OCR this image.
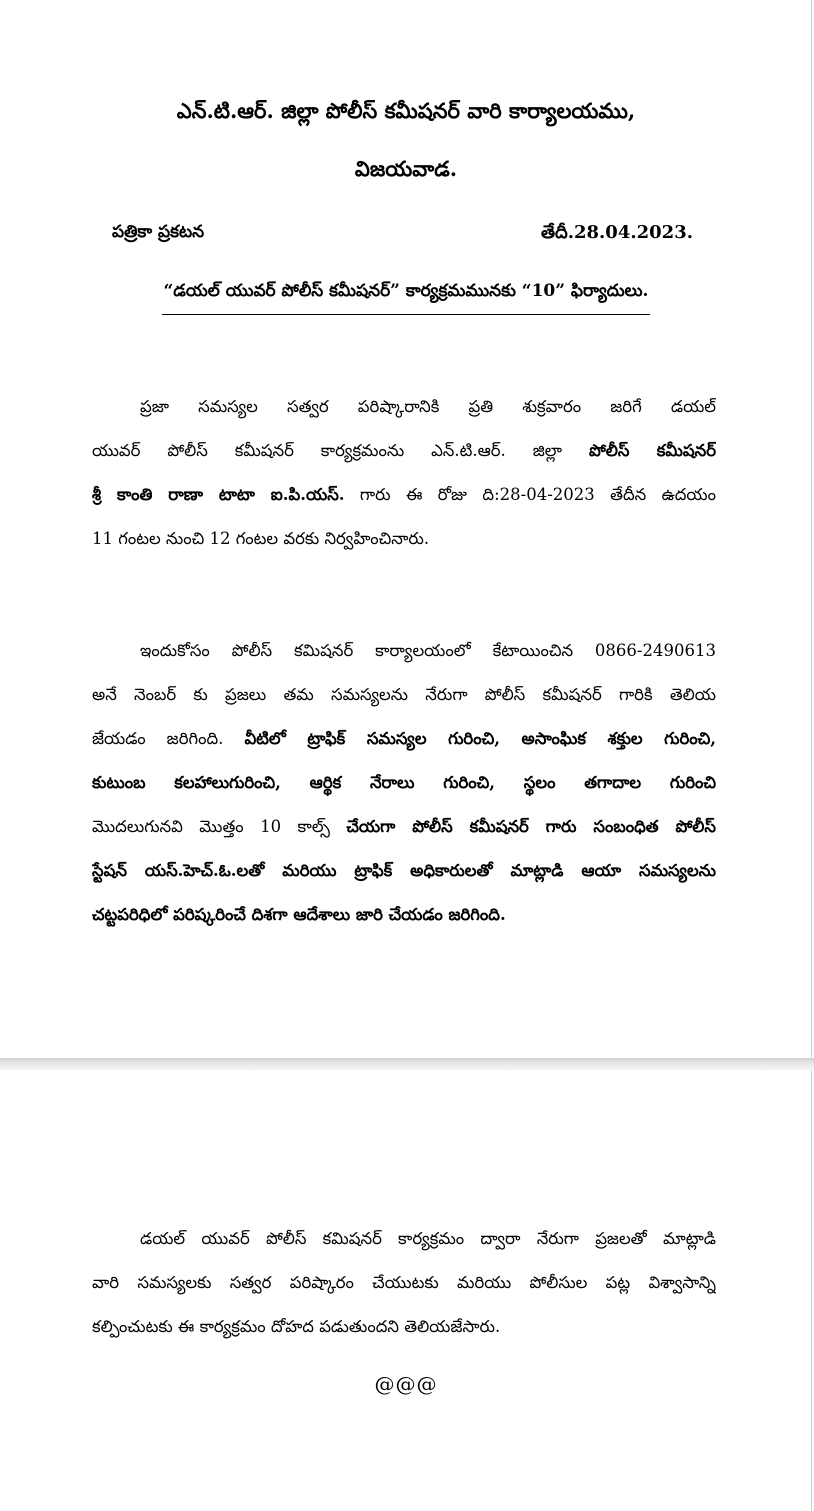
ఎన్.టి.ఆర్. జిల్లా పోలీస్ కమీషనర్ వారి కార్యాలయము,
విజయవాడ.
పత్రికా ప్రకటన	తేదీ.28.04.2023.
“డయల్ యువర్ పోలీస్ కమీషనర్” కార్యక్రమమునకు “10” ఫిర్యాదులు.
ప్రజా సమస్యల సత్వర పరిష్కారానికి ప్రతి శుక్రవారం జరిగే డయల్
యువర్ పోలీస్ కమీషనర్ కార్యక్రమంను ఎన్.టి.ఆర్. జిల్లా పోలీస్ కమీషనర్
శ్రీ కాంతి రాణా టాటా ఐ.పి.యస్. గారు ఈ రోజు ది:28-04-2023 తేదీన ఉదయం
11 గంటల నుంచి 12 గంటల వరకు నిర్వహించినారు.
ఇందుకోసం పోలీస్ కమిషనర్ కార్యాలయంలో కేటాయించిన 0866-2490613
అనే నెంబర్ కు ప్రజలు తమ సమస్యలను నేరుగా పోలీస్ కమీషనర్ గారికి తెలియ
జేయడం జరిగింది. వీటిలో ట్రాఫిక్ సమస్యల గురించి, అసాంఘిక శక్తుల గురించి,
కుటుంబ కలహాలుగురించి, ఆర్థిక నేరాలు గురించి, స్థలం తగాదాల గురించి
మొదలుగునవి మొత్తం 10 కాల్స్ చేయగా పోలీస్ కమీషనర్ గారు సంబంధిత పోలీస్
స్టేషన్ యస్.హెచ్.ఓ.లతో మరియు ట్రాఫిక్ అధికారులతో మాట్లాడి ఆయా సమస్యలను
చట్టపరిధిలో పరిష్కరించే దిశగా ఆదేశాలు జారి చేయడం జరిగింది.
డయల్ యువర్ పోలీస్ కమిషనర్ కార్యక్రమం ద్వారా నేరుగా ప్రజలతో మాట్లాడి
వారి సమస్యలకు సత్వర పరిష్కారం చేయుటకు మరియు పోలీసుల పట్ల విశ్వాసాన్ని
కల్పించుటకు ఈ కార్యక్రమం దోహద పడుతుందని తెలియజేసారు.
@@@
